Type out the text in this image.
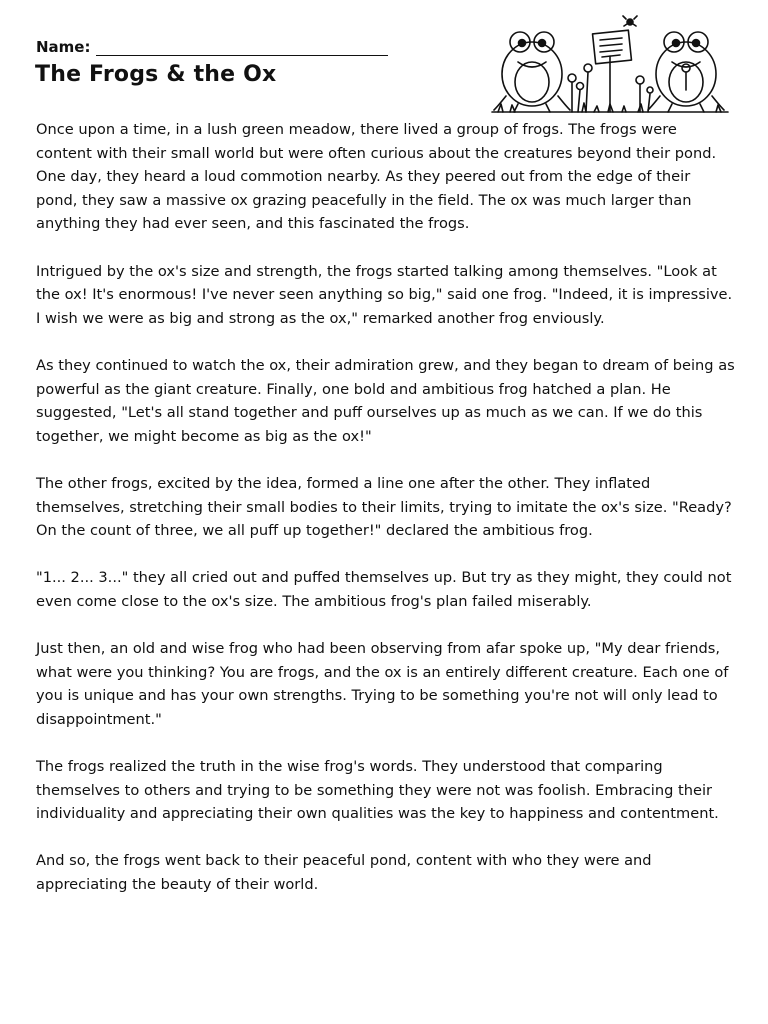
Name:
The Frogs & the Ox

Once upon a time, in a lush green meadow, there lived a group of frogs. The frogs were content with their small world but were often curious about the creatures beyond their pond. One day, they heard a loud commotion nearby. As they peered out from the edge of their pond, they saw a massive ox grazing peacefully in the field. The ox was much larger than anything they had ever seen, and this fascinated the frogs.

Intrigued by the ox's size and strength, the frogs started talking among themselves. "Look at the ox! It's enormous! I've never seen anything so big," said one frog. "Indeed, it is impressive. I wish we were as big and strong as the ox," remarked another frog enviously.

As they continued to watch the ox, their admiration grew, and they began to dream of being as powerful as the giant creature. Finally, one bold and ambitious frog hatched a plan. He suggested, "Let's all stand together and puff ourselves up as much as we can. If we do this together, we might become as big as the ox!"

The other frogs, excited by the idea, formed a line one after the other. They inflated themselves, stretching their small bodies to their limits, trying to imitate the ox's size. "Ready? On the count of three, we all puff up together!" declared the ambitious frog.

"1... 2... 3..." they all cried out and puffed themselves up. But try as they might, they could not even come close to the ox's size. The ambitious frog's plan failed miserably.

Just then, an old and wise frog who had been observing from afar spoke up, "My dear friends, what were you thinking? You are frogs, and the ox is an entirely different creature. Each one of you is unique and has your own strengths. Trying to be something you're not will only lead to disappointment."

The frogs realized the truth in the wise frog's words. They understood that comparing themselves to others and trying to be something they were not was foolish. Embracing their individuality and appreciating their own qualities was the key to happiness and contentment.

And so, the frogs went back to their peaceful pond, content with who they were and appreciating the beauty of their world.
